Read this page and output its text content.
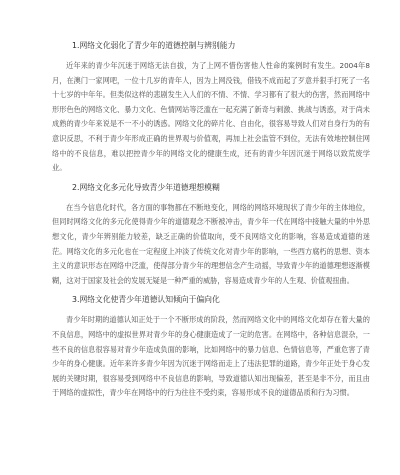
1.网络文化弱化了青少年的道德控制与辨别能力

近年来的青少年沉迷于网络无法自拔，为了上网不惜伤害他人性命的案例时有发生。2004年8月，在澳门一家网吧，一位十几岁的青年人，因为上网没钱，借钱不成而起了歹意并狠手打死了一名十七岁的中年年。但类似这样的悲剧发生入人们的不情、不情、学习都有了很大的伤害，然而网络中形形色色的网络文化、暴力文化、色情网站等泛滥在一起充满了新奇与刺激、挑战与诱惑，对于尚未成熟的青少年来说是不一不小的诱惑。网络文化的碎片化、自由化，很容易导致人们对自身行为的有意识反思，不利于青少年形成正确的世界观与价值观，再加上社会监管不到位，无法有效地控制住网络中的不良信息，难以把控青少年的网络文化的健康生成，还有的青少年因沉迷于网络以致荒废学业。

2.网络文化多元化导致青少年道德理想模糊

在当今信息化时代，各方面的事物都在不断地变化，网络的网络环境现状了青少年的主体地位，但同时网络文化的多元化使得青少年的道德观念不断被冲击，青少年一代在网络中接触大量的中外思想文化，青少年辨别能力较差，缺乏正确的价值取向，受不良网络文化的影响，容易造成道德的迷茫。网络文化的多元化也在一定程度上冲淡了传统文化对青少年的影响，一些西方腐朽的思想、资本主义的意识形态在网络中泛滥，使得部分青少年的理想信念产生动摇，导致青少年的道德理想逐渐模糊，这对于国家及社会的发展无疑是一种严重的威胁，容易造成青少年的人生观、价值观扭曲。

3.网络文化使青少年道德认知倾向于偏向化

青少年时期的道德认知正处于一个不断形成的阶段，然而网络文化中的网络文化却存在着大量的不良信息，网络中的虚拟世界对青少年的身心健康造成了一定的危害。在网络中，各种信息混杂，一些不良的信息很容易对青少年造成负面的影响，比如网络中的暴力信息、色情信息等，严重危害了青少年的身心健康。近年来许多青少年因为沉迷于网络而走上了违法犯罪的道路，青少年正处于身心发展的关键时期，很容易受到网络中不良信息的影响，导致道德认知出现偏差，甚至是非不分，而且由于网络的虚拟性，青少年在网络中的行为往往不受约束，容易形成不良的道德品质和行为习惯。
